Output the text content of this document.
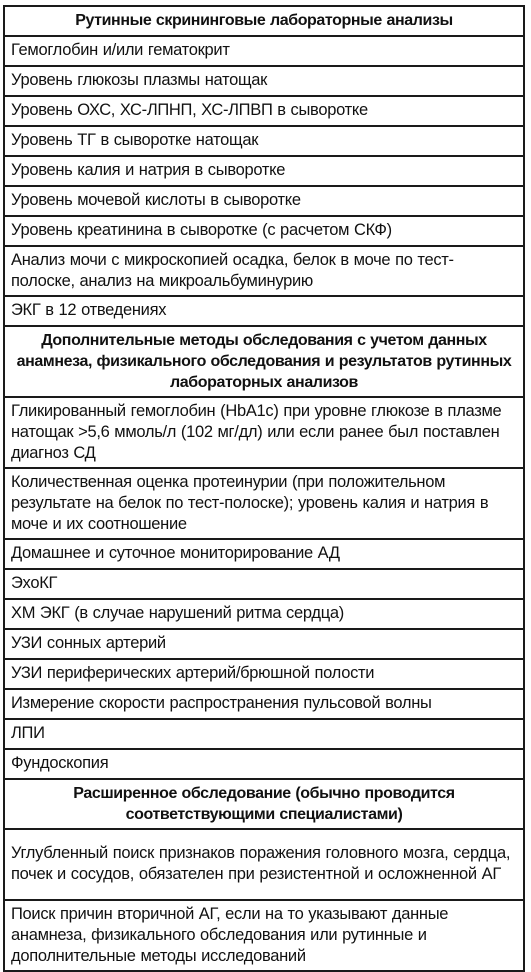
Рутинные скрининговые лабораторные анализы
Гемоглобин и/или гематокрит
Уровень глюкозы плазмы натощак
Уровень ОХС, ХС-ЛПНП, ХС-ЛПВП в сыворотке
Уровень ТГ в сыворотке натощак
Уровень калия и натрия в сыворотке
Уровень мочевой кислоты в сыворотке
Уровень креатинина в сыворотке (с расчетом СКФ)
Анализ мочи с микроскопией осадка, белок в моче по тест-полоске, анализ на микроальбуминурию
ЭКГ в 12 отведениях
Дополнительные методы обследования с учетом данных анамнеза, физикального обследования и результатов рутинных лабораторных анализов
Гликированный гемоглобин (HbA1c) при уровне глюкозе в плазме натощак >5,6 ммоль/л (102 мг/дл) или если ранее был поставлен диагноз СД
Количественная оценка протеинурии (при положительном результате на белок по тест-полоске); уровень калия и натрия в моче и их соотношение
Домашнее и суточное мониторирование АД
ЭхоКГ
ХМ ЭКГ (в случае нарушений ритма сердца)
УЗИ сонных артерий
УЗИ периферических артерий/брюшной полости
Измерение скорости распространения пульсовой волны
ЛПИ
Фундоскопия
Расширенное обследование (обычно проводится соответствующими специалистами)
Углубленный поиск признаков поражения головного мозга, сердца, почек и сосудов, обязателен при резистентной и осложненной АГ
Поиск причин вторичной АГ, если на то указывают данные анамнеза, физикального обследования или рутинные и дополнительные методы исследований
